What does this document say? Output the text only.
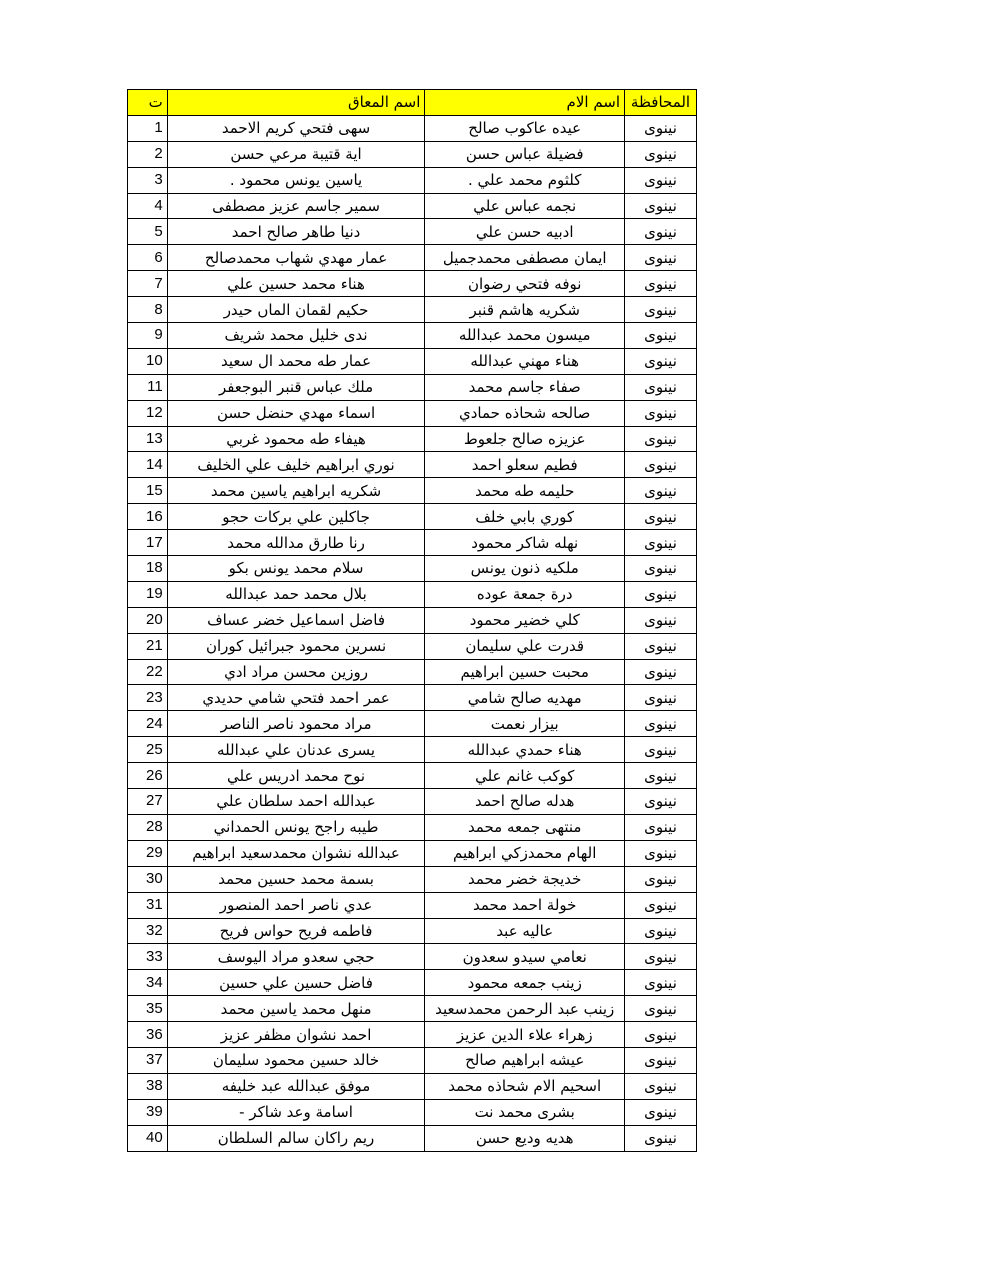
ت	اسم المعاق	اسم الام	المحافظة
1	سهى فتحي كريم الاحمد	عيده عاكوب صالح	نينوى
2	اية قتيبة مرعي حسن	فضيلة عباس حسن	نينوى
3	ياسين يونس محمود .	كلثوم محمد علي .	نينوى
4	سمير جاسم عزيز مصطفى	نجمه عباس علي	نينوى
5	دنيا طاهر صالح احمد	ادبيه حسن علي	نينوى
6	عمار مهدي شهاب محمدصالح	ايمان مصطفى محمدجميل	نينوى
7	هناء محمد حسين علي	نوفه فتحي رضوان	نينوى
8	حكيم لقمان الماں حيدر	شكريه هاشم قنبر	نينوى
9	ندى خليل محمد شريف	ميسون محمد عبدالله	نينوى
10	عمار طه محمد ال سعيد	هناء مهني عبدالله	نينوى
11	ملك عباس قنبر البوجعفر	صفاء جاسم محمد	نينوى
12	اسماء مهدي حنضل حسن	صالحه شحاذه حمادي	نينوى
13	هيفاء طه محمود غربي	عزيزه صالح جلعوط	نينوى
14	نوري ابراهيم خليف علي الخليف	فطيم سعلو احمد	نينوى
15	شكريه ابراهيم ياسين محمد	حليمه طه محمد	نينوى
16	جاكلين علي بركات حجو	كوري بابي خلف	نينوى
17	رنا طارق مدالله محمد	نهله شاكر محمود	نينوى
18	سلام محمد يونس بكو	ملكيه ذنون يونس	نينوى
19	بلال محمد حمد عبدالله	درة جمعة عوده	نينوى
20	فاضل اسماعيل خضر عساف	كلي خضير محمود	نينوى
21	نسرين محمود جبرائيل كوران	قدرت علي سليمان	نينوى
22	روزين محسن مراد ادي	محبت حسين ابراهيم	نينوى
23	عمر احمد فتحي شامي حديدي	مهديه صالح شامي	نينوى
24	مراد محمود ناصر الناصر	بيزار نعمت	نينوى
25	يسرى عدنان علي عبدالله	هناء حمدي عبدالله	نينوى
26	نوح محمد ادريس علي	كوكب غانم علي	نينوى
27	عبدالله احمد سلطان علي	هدله صالح احمد	نينوى
28	طيبه راجح يونس الحمداني	منتهى جمعه محمد	نينوى
29	عبدالله نشوان محمدسعيد ابراهيم	الهام محمدزكي ابراهيم	نينوى
30	بسمة محمد حسين محمد	خديجة خضر محمد	نينوى
31	عدي ناصر احمد المنصور	خولة احمد محمد	نينوى
32	فاطمه فريح حواس فريح	عاليه عبد	نينوى
33	حجي سعدو مراد اليوسف	نعامي سيدو سعدون	نينوى
34	فاضل حسين علي حسين	زينب جمعه محمود	نينوى
35	منهل محمد ياسين محمد	زينب عبد الرحمن محمدسعيد	نينوى
36	احمد نشوان مظفر عزيز	زهراء علاء الدين عزيز	نينوى
37	خالد حسين محمود سليمان	عيشه ابراهيم صالح	نينوى
38	موفق عبدالله عبد خليفه	اسحيم الام شحاذه محمد	نينوى
39	اسامة وعد شاكر -	بشرى محمد نت	نينوى
40	ريم راكان سالم السلطان	هديه وديع حسن	نينوى
